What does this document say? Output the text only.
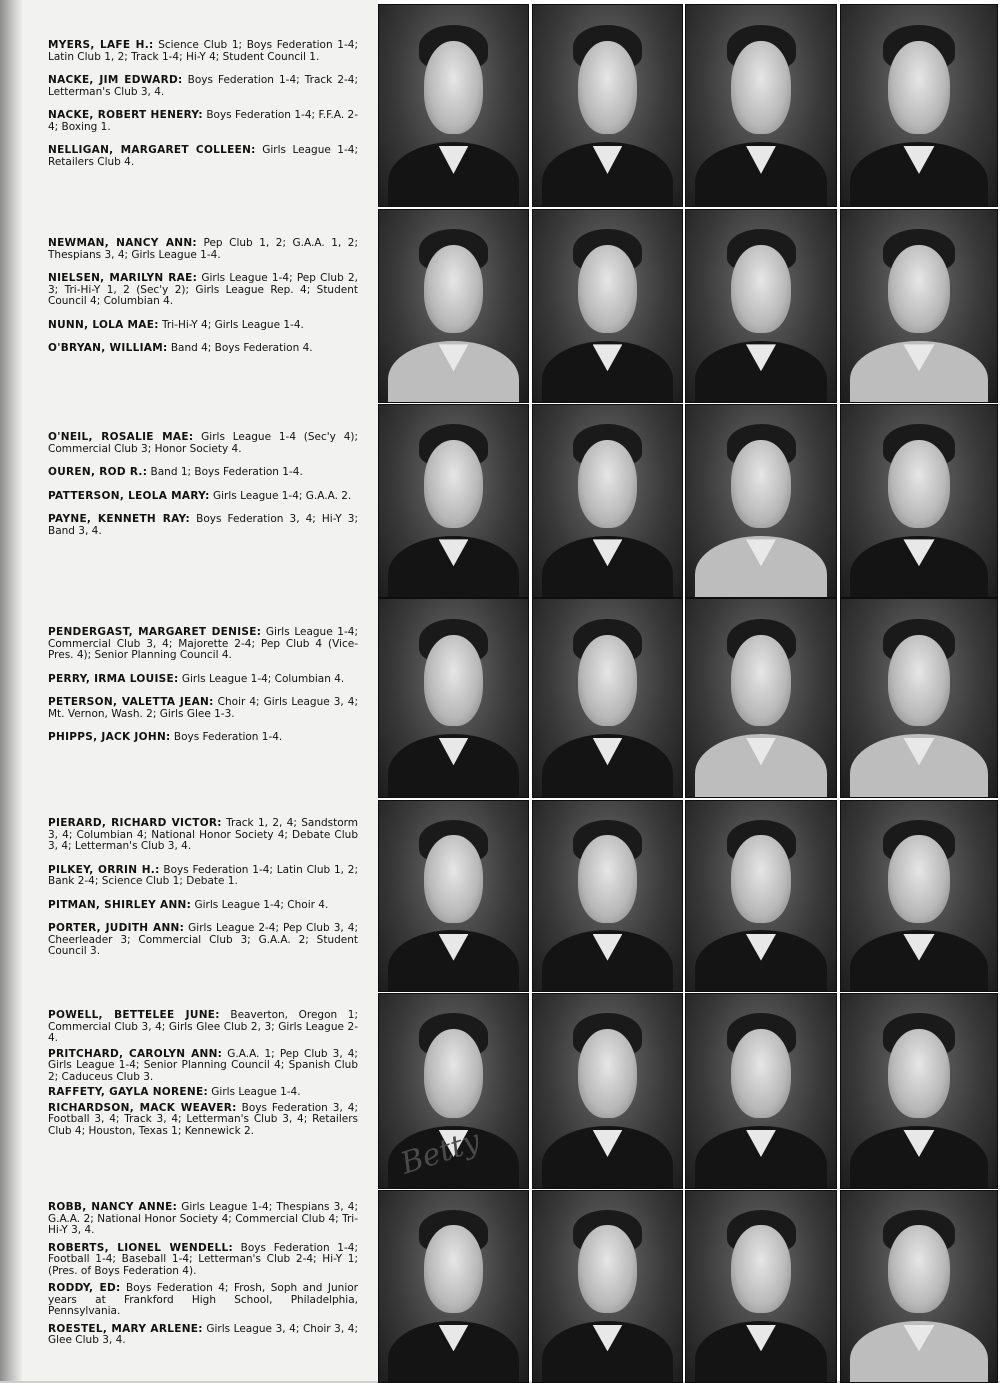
MYERS, LAFE H.: Science Club 1; Boys Federation 1-4; Latin Club 1, 2; Track 1-4; Hi-Y 4; Student Council 1.

NACKE, JIM EDWARD: Boys Federation 1-4; Track 2-4; Letterman's Club 3, 4.

NACKE, ROBERT HENERY: Boys Federation 1-4; F.F.A. 2-4; Boxing 1.

NELLIGAN, MARGARET COLLEEN: Girls League 1-4; Retailers Club 4.

NEWMAN, NANCY ANN: Pep Club 1, 2; G.A.A. 1, 2; Thespians 3, 4; Girls League 1-4.

NIELSEN, MARILYN RAE: Girls League 1-4; Pep Club 2, 3; Tri-Hi-Y 1, 2 (Sec'y 2); Girls League Rep. 4; Student Council 4; Columbian 4.

NUNN, LOLA MAE: Tri-Hi-Y 4; Girls League 1-4.

O'BRYAN, WILLIAM: Band 4; Boys Federation 4.

O'NEIL, ROSALIE MAE: Girls League 1-4 (Sec'y 4); Commercial Club 3; Honor Society 4.

OUREN, ROD R.: Band 1; Boys Federation 1-4.

PATTERSON, LEOLA MARY: Girls League 1-4; G.A.A. 2.

PAYNE, KENNETH RAY: Boys Federation 3, 4; Hi-Y 3; Band 3, 4.

PENDERGAST, MARGARET DENISE: Girls League 1-4; Commercial Club 3, 4; Majorette 2-4; Pep Club 4 (Vice-Pres. 4); Senior Planning Council 4.

PERRY, IRMA LOUISE: Girls League 1-4; Columbian 4.

PETERSON, VALETTA JEAN: Choir 4; Girls League 3, 4; Mt. Vernon, Wash. 2; Girls Glee 1-3.

PHIPPS, JACK JOHN: Boys Federation 1-4.

PIERARD, RICHARD VICTOR: Track 1, 2, 4; Sandstorm 3, 4; Columbian 4; National Honor Society 4; Debate Club 3, 4; Letterman's Club 3, 4.

PILKEY, ORRIN H.: Boys Federation 1-4; Latin Club 1, 2; Bank 2-4; Science Club 1; Debate 1.

PITMAN, SHIRLEY ANN: Girls League 1-4; Choir 4.

PORTER, JUDITH ANN: Girls League 2-4; Pep Club 3, 4; Cheerleader 3; Commercial Club 3; G.A.A. 2; Student Council 3.

POWELL, BETTELEE JUNE: Beaverton, Oregon 1; Commercial Club 3, 4; Girls Glee Club 2, 3; Girls League 2-4.

PRITCHARD, CAROLYN ANN: G.A.A. 1; Pep Club 3, 4; Girls League 1-4; Senior Planning Council 4; Spanish Club 2; Caduceus Club 3.

RAFFETY, GAYLA NORENE: Girls League 1-4.

RICHARDSON, MACK WEAVER: Boys Federation 3, 4; Football 3, 4; Track 3, 4; Letterman's Club 3, 4; Retailers Club 4; Houston, Texas 1; Kennewick 2.

ROBB, NANCY ANNE: Girls League 1-4; Thespians 3, 4; G.A.A. 2; National Honor Society 4; Commercial Club 4; Tri-Hi-Y 3, 4.

ROBERTS, LIONEL WENDELL: Boys Federation 1-4; Football 1-4; Baseball 1-4; Letterman's Club 2-4; Hi-Y 1; (Pres. of Boys Federation 4).

RODDY, ED: Boys Federation 4; Frosh, Soph and Junior years at Frankford High School, Philadelphia, Pennsylvania.

ROESTEL, MARY ARLENE: Girls League 3, 4; Choir 3, 4; Glee Club 3, 4.

Betty
